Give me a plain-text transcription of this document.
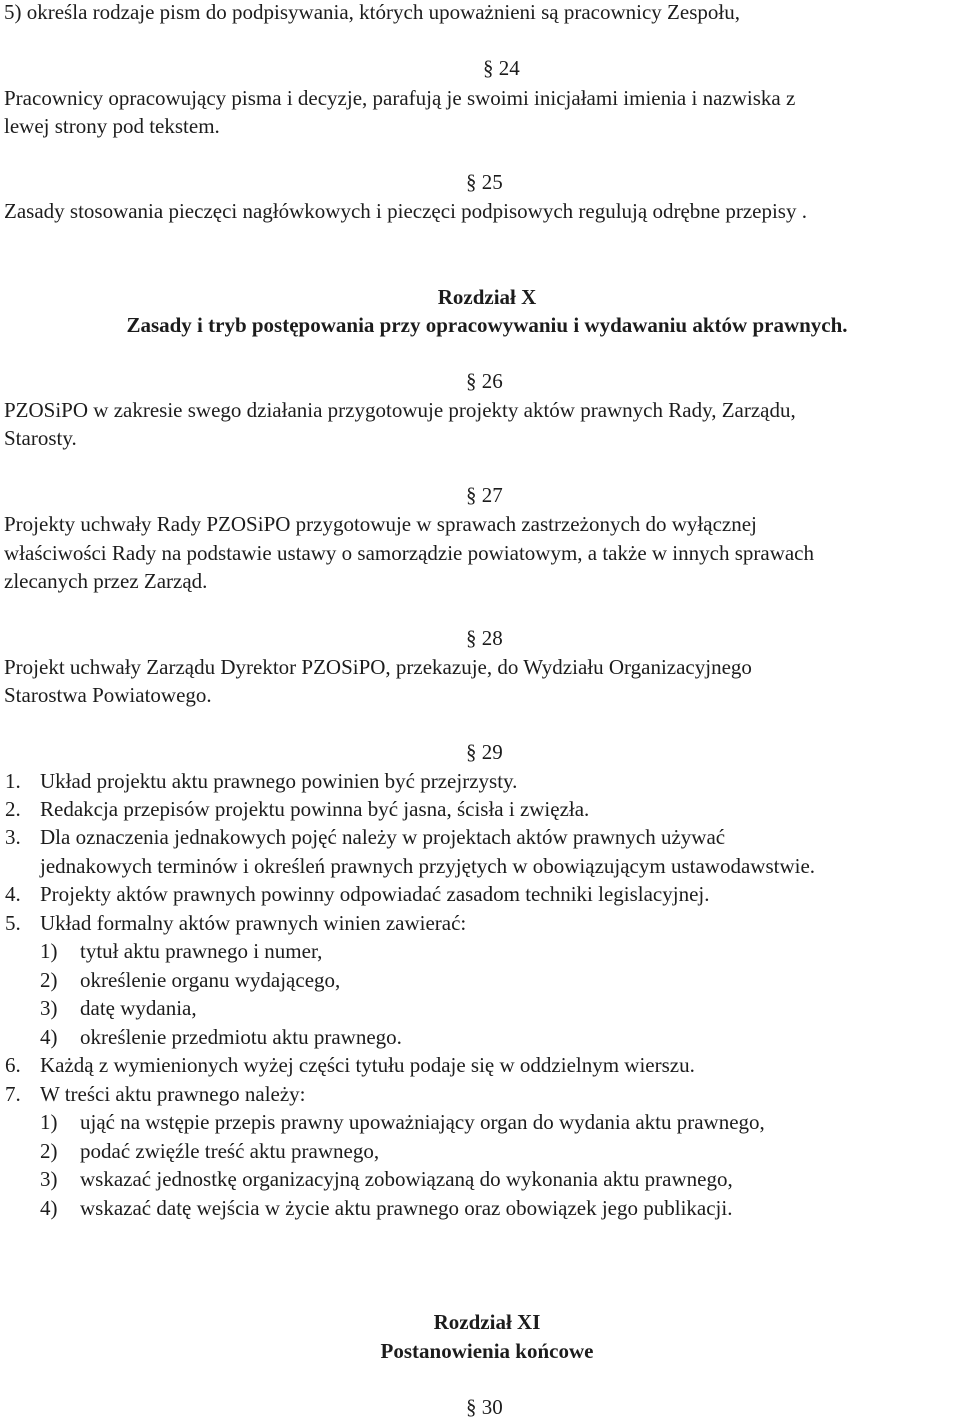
5) określa rodzaje pism do podpisywania, których upoważnieni są pracownicy Zespołu,
§ 24
Pracownicy opracowujący pisma i decyzje, parafują je swoimi inicjałami imienia i nazwiska z
lewej strony pod tekstem.
§ 25
Zasady stosowania pieczęci nagłówkowych i pieczęci podpisowych regulują odrębne przepisy .
Rozdział X
Zasady i tryb postępowania przy opracowywaniu i wydawaniu aktów prawnych.
§ 26
PZOSiPO w zakresie swego działania przygotowuje projekty aktów prawnych Rady, Zarządu,
Starosty.
§ 27
Projekty uchwały Rady PZOSiPO przygotowuje w sprawach zastrzeżonych do wyłącznej
właściwości Rady na podstawie ustawy o samorządzie powiatowym, a także w innych sprawach
zlecanych przez Zarząd.
§ 28
Projekt uchwały Zarządu Dyrektor PZOSiPO, przekazuje, do Wydziału Organizacyjnego
Starostwa Powiatowego.
§ 29
1. Układ projektu aktu prawnego powinien być przejrzysty.
2. Redakcja przepisów projektu powinna być jasna, ścisła i zwięzła.
3. Dla oznaczenia jednakowych pojęć należy w projektach aktów prawnych używać
jednakowych terminów i określeń prawnych przyjętych w obowiązującym ustawodawstwie.
4. Projekty aktów prawnych powinny odpowiadać zasadom techniki legislacyjnej.
5. Układ formalny aktów prawnych winien zawierać:
1) tytuł aktu prawnego i numer,
2) określenie organu wydającego,
3) datę wydania,
4) określenie przedmiotu aktu prawnego.
6. Każdą z wymienionych wyżej części tytułu podaje się w oddzielnym wierszu.
7. W treści aktu prawnego należy:
1) ująć na wstępie przepis prawny upoważniający organ do wydania aktu prawnego,
2) podać zwięźle treść aktu prawnego,
3) wskazać jednostkę organizacyjną zobowiązaną do wykonania aktu prawnego,
4) wskazać datę wejścia w życie aktu prawnego oraz obowiązek jego publikacji.
Rozdział XI
Postanowienia końcowe
§ 30
